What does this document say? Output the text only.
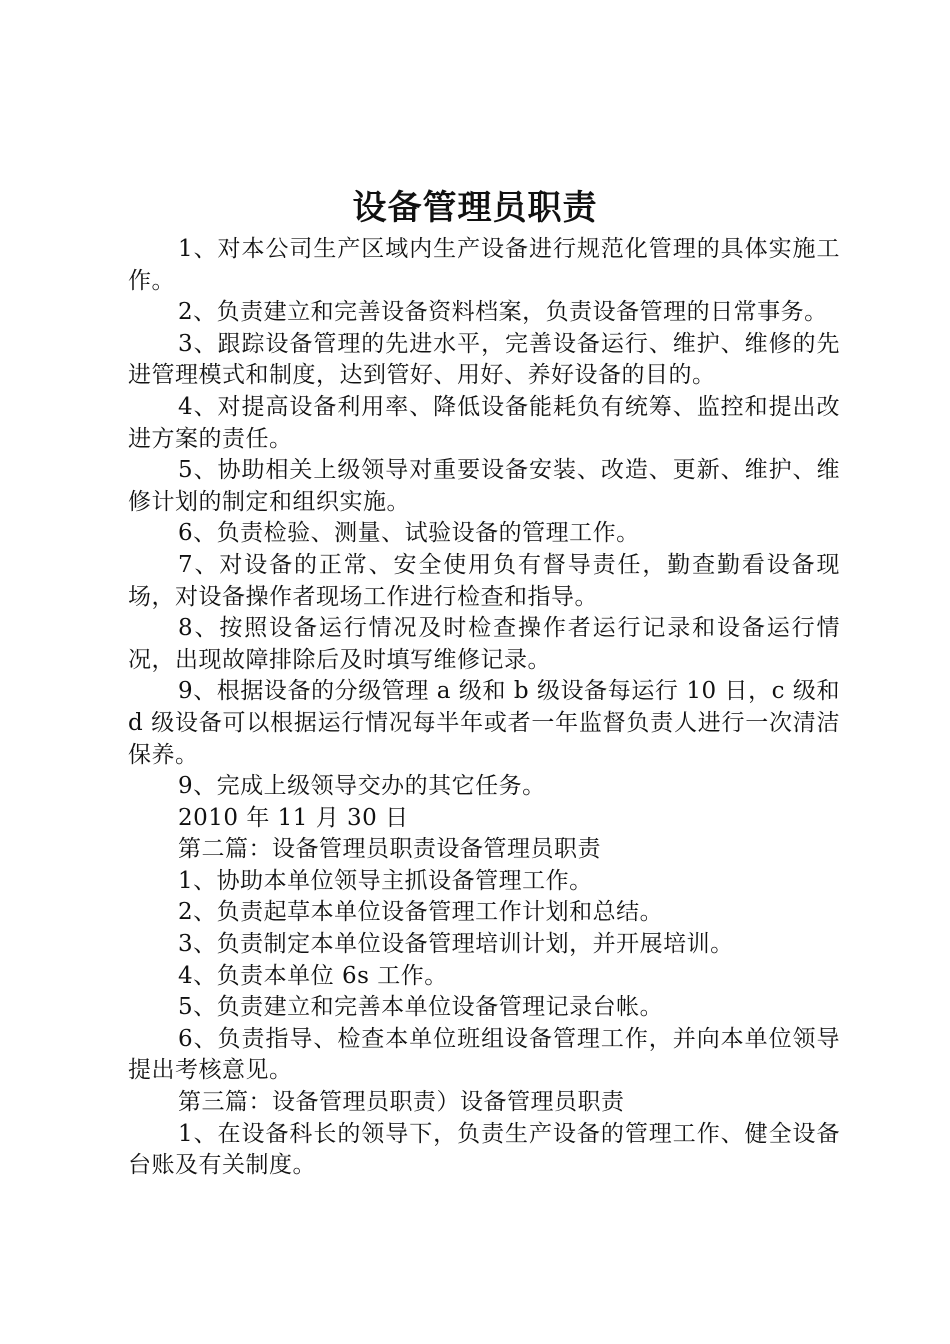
设备管理员职责

1、对本公司生产区域内生产设备进行规范化管理的具体实施工作。

2、负责建立和完善设备资料档案，负责设备管理的日常事务。

3、跟踪设备管理的先进水平，完善设备运行、维护、维修的先进管理模式和制度，达到管好、用好、养好设备的目的。

4、对提高设备利用率、降低设备能耗负有统筹、监控和提出改进方案的责任。

5、协助相关上级领导对重要设备安装、改造、更新、维护、维修计划的制定和组织实施。

6、负责检验、测量、试验设备的管理工作。

7、对设备的正常、安全使用负有督导责任，勤查勤看设备现场，对设备操作者现场工作进行检查和指导。

8、按照设备运行情况及时检查操作者运行记录和设备运行情况，出现故障排除后及时填写维修记录。

9、根据设备的分级管理 a 级和 b 级设备每运行 10 日，c 级和 d 级设备可以根据运行情况每半年或者一年监督负责人进行一次清洁保养。

9、完成上级领导交办的其它任务。

2010 年 11 月 30 日

第二篇：设备管理员职责设备管理员职责

1、协助本单位领导主抓设备管理工作。

2、负责起草本单位设备管理工作计划和总结。

3、负责制定本单位设备管理培训计划，并开展培训。

4、负责本单位 6s 工作。

5、负责建立和完善本单位设备管理记录台帐。

6、负责指导、检查本单位班组设备管理工作，并向本单位领导提出考核意见。

第三篇：设备管理员职责）设备管理员职责

1、在设备科长的领导下，负责生产设备的管理工作、健全设备台账及有关制度。
